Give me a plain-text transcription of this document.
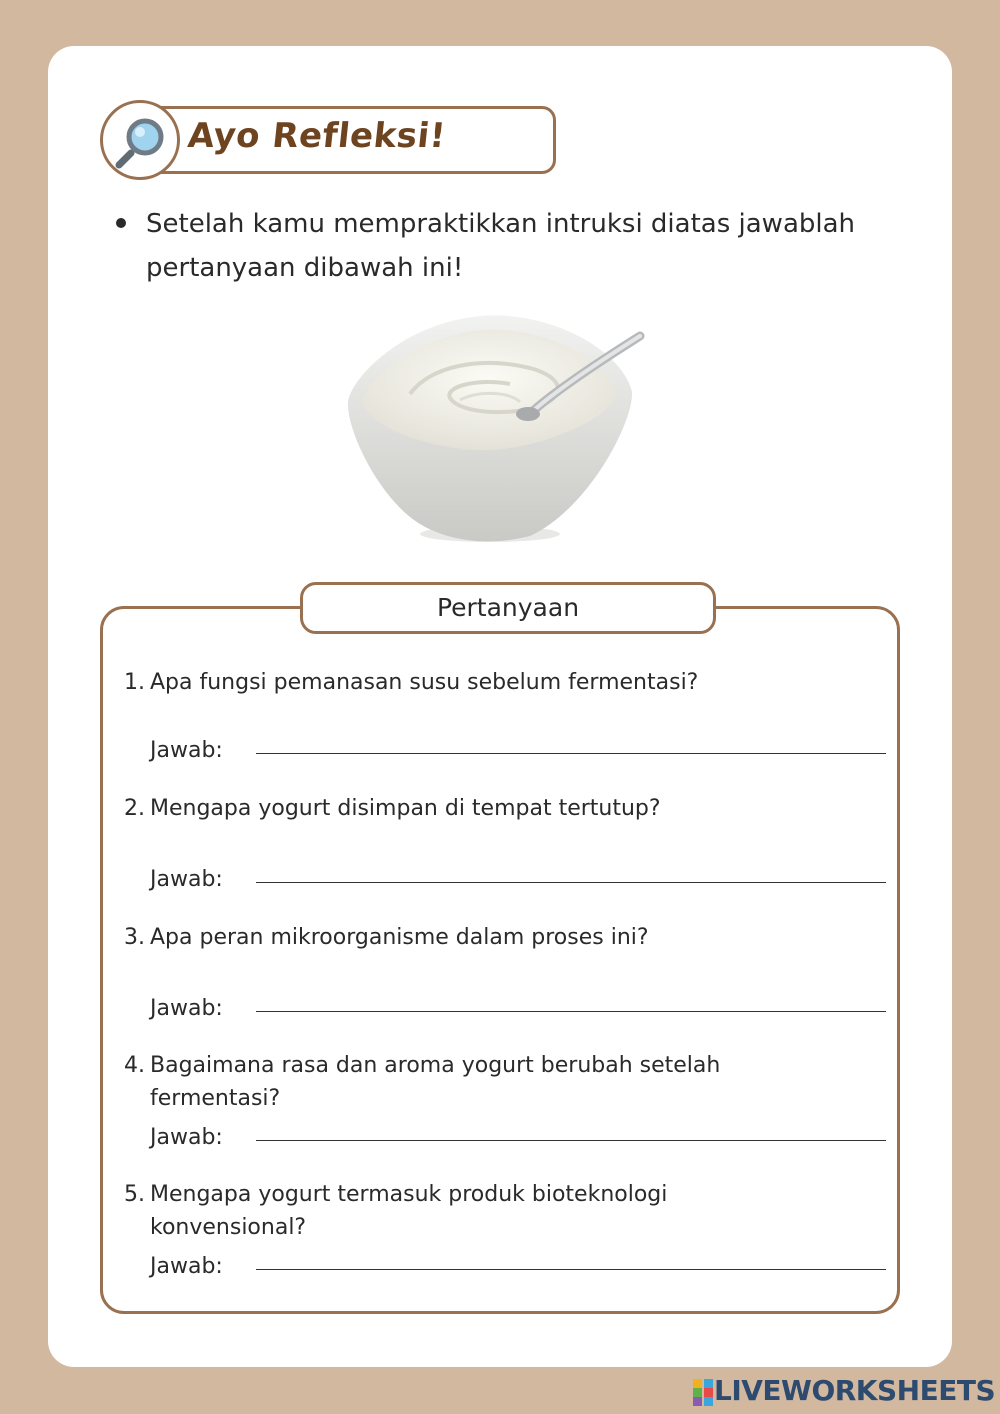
Ayo Refleksi!
Setelah kamu mempraktikkan intruksi diatas jawablah pertanyaan dibawah ini!
Pertanyaan
1. Apa fungsi pemanasan susu sebelum fermentasi?
Jawab:
2. Mengapa yogurt disimpan di tempat tertutup?
Jawab:
3. Apa peran mikroorganisme dalam proses ini?
Jawab:
4. Bagaimana rasa dan aroma yogurt berubah setelah fermentasi?
Jawab:
5. Mengapa yogurt termasuk produk bioteknologi konvensional?
Jawab:

LIVEWORKSHEETS
